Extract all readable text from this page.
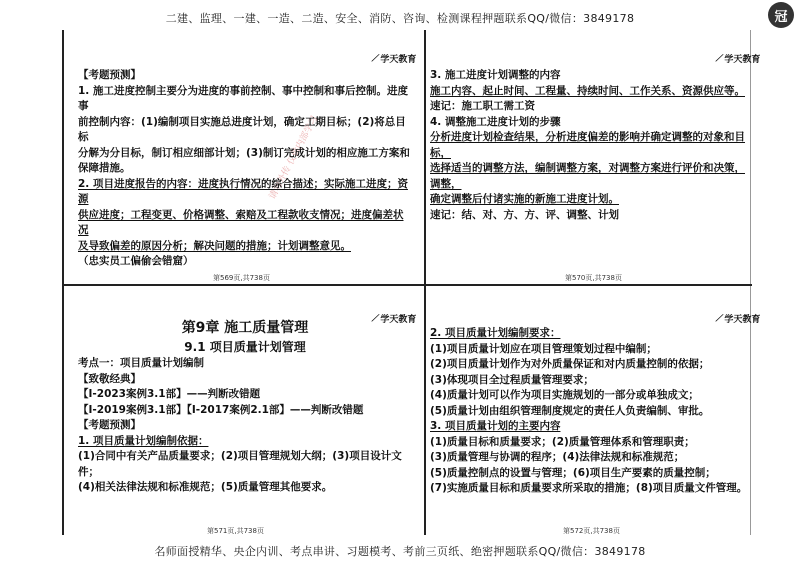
二建、监理、一建、一造、二造、安全、消防、咨询、检测课程押题联系QQ/微信：3849178	冠
⟋ 学天教育	⟋ 学天教育
⟋ 学天教育	⟋ 学天教育
请勿外传 仅供内部学习

【考题预测】

1. 施工进度控制主要分为进度的事前控制、事中控制和事后控制。进度事

前控制内容：(1)编制项目实施总进度计划，确定工期目标；(2)将总目标

分解为分目标，制订相应细部计划；(3)制订完成计划的相应施工方案和

保障措施。

2. 项目进度报告的内容：进度执行情况的综合描述；实际施工进度；资源

供应进度；工程变更、价格调整、索赔及工程款收支情况；进度偏差状况

及导致偏差的原因分析；解决问题的措施；计划调整意见。

（忠实员工偏偷会错窟）

第569页,共738页

3. 施工进度计划调整的内容

施工内容、起止时间、工程量、持续时间、工作关系、资源供应等。

速记：施工职工需工资

4. 调整施工进度计划的步骤

分析进度计划检查结果，分析进度偏差的影响并确定调整的对象和目标，

选择适当的调整方法，编制调整方案，对调整方案进行评价和决策，调整，

确定调整后付诸实施的新施工进度计划。

速记：结、对、方、方、评、调整、计划

第570页,共738页

第9章 施工质量管理

9.1 项目质量计划管理

考点一：项目质量计划编制

【致敬经典】

【Ⅰ-2023案例3.1部】——判断改错题

【Ⅰ-2019案例3.1部】【Ⅰ-2017案例2.1部】——判断改错题

【考题预测】

1. 项目质量计划编制依据：

(1)合同中有关产品质量要求；(2)项目管理规划大纲；(3)项目设计文件；

(4)相关法律法规和标准规范；(5)质量管理其他要求。

第571页,共738页

2. 项目质量计划编制要求：

(1)项目质量计划应在项目管理策划过程中编制；

(2)项目质量计划作为对外质量保证和对内质量控制的依据；

(3)体现项目全过程质量管理要求；

(4)质量计划可以作为项目实施规划的一部分或单独成文；

(5)质量计划由组织管理制度规定的责任人负责编制、审批。

3. 项目质量计划的主要内容

(1)质量目标和质量要求；(2)质量管理体系和管理职责；

(3)质量管理与协调的程序；(4)法律法规和标准规范；

(5)质量控制点的设置与管理；(6)项目生产要素的质量控制；

(7)实施质量目标和质量要求所采取的措施；(8)项目质量文件管理。

第572页,共738页
名师面授精华、央企内训、考点串讲、习题模考、考前三页纸、绝密押题联系QQ/微信：3849178
